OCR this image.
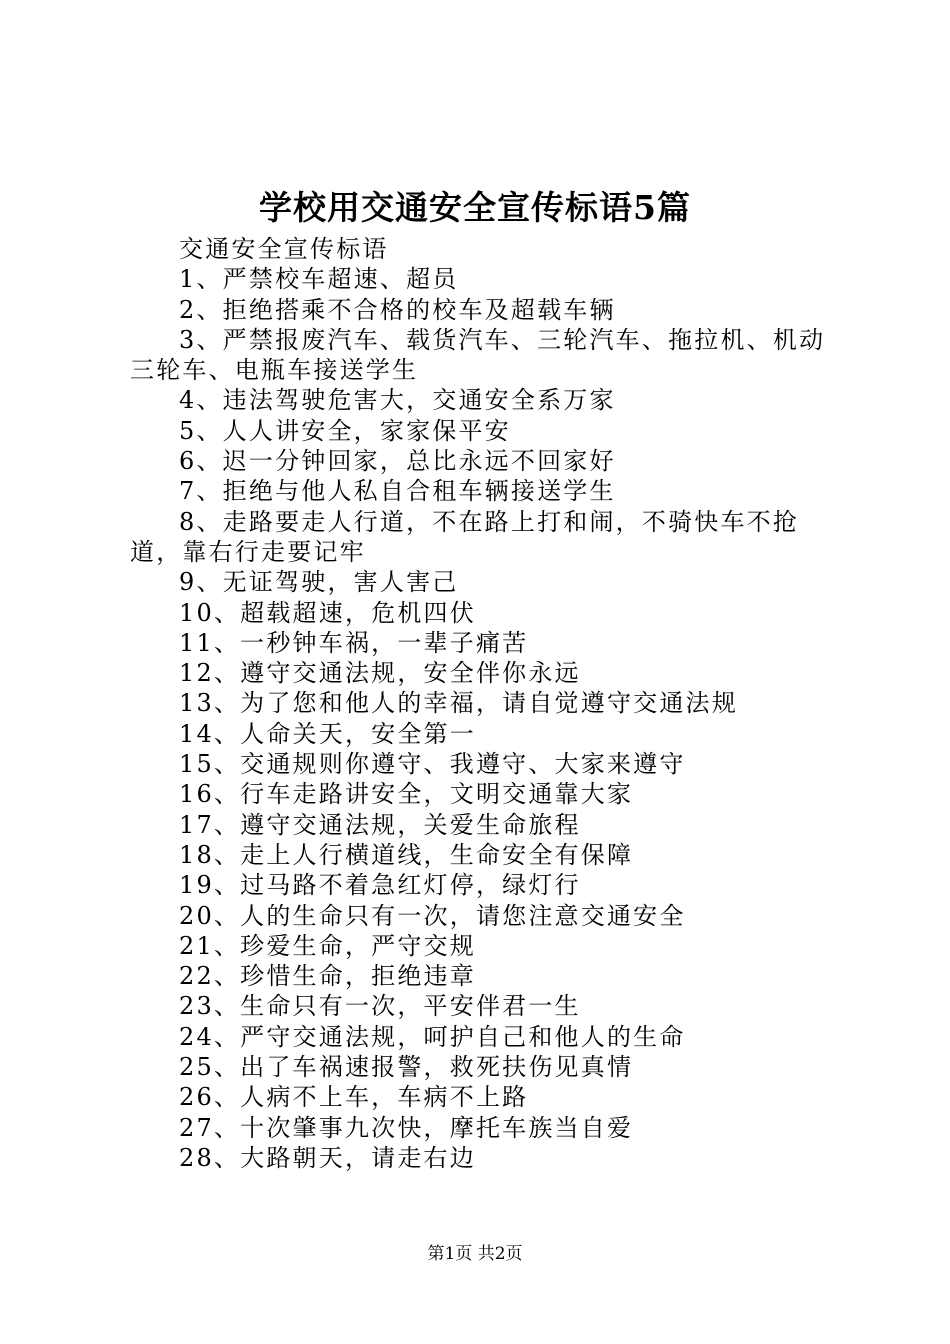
学校用交通安全宣传标语5篇

交通安全宣传标语

1、严禁校车超速、超员

2、拒绝搭乘不合格的校车及超载车辆

3、严禁报废汽车、载货汽车、三轮汽车、拖拉机、机动三轮车、电瓶车接送学生

4、违法驾驶危害大，交通安全系万家

5、人人讲安全，家家保平安

6、迟一分钟回家，总比永远不回家好

7、拒绝与他人私自合租车辆接送学生

8、走路要走人行道，不在路上打和闹，不骑快车不抢道，靠右行走要记牢

9、无证驾驶，害人害己

10、超载超速，危机四伏

11、一秒钟车祸，一辈子痛苦

12、遵守交通法规，安全伴你永远

13、为了您和他人的幸福，请自觉遵守交通法规

14、人命关天，安全第一

15、交通规则你遵守、我遵守、大家来遵守

16、行车走路讲安全，文明交通靠大家

17、遵守交通法规，关爱生命旅程

18、走上人行横道线，生命安全有保障

19、过马路不着急红灯停，绿灯行

20、人的生命只有一次，请您注意交通安全

21、珍爱生命，严守交规

22、珍惜生命，拒绝违章

23、生命只有一次，平安伴君一生

24、严守交通法规，呵护自己和他人的生命

25、出了车祸速报警，救死扶伤见真情

26、人病不上车，车病不上路

27、十次肇事九次快，摩托车族当自爱

28、大路朝天，请走右边

第1页 共2页
